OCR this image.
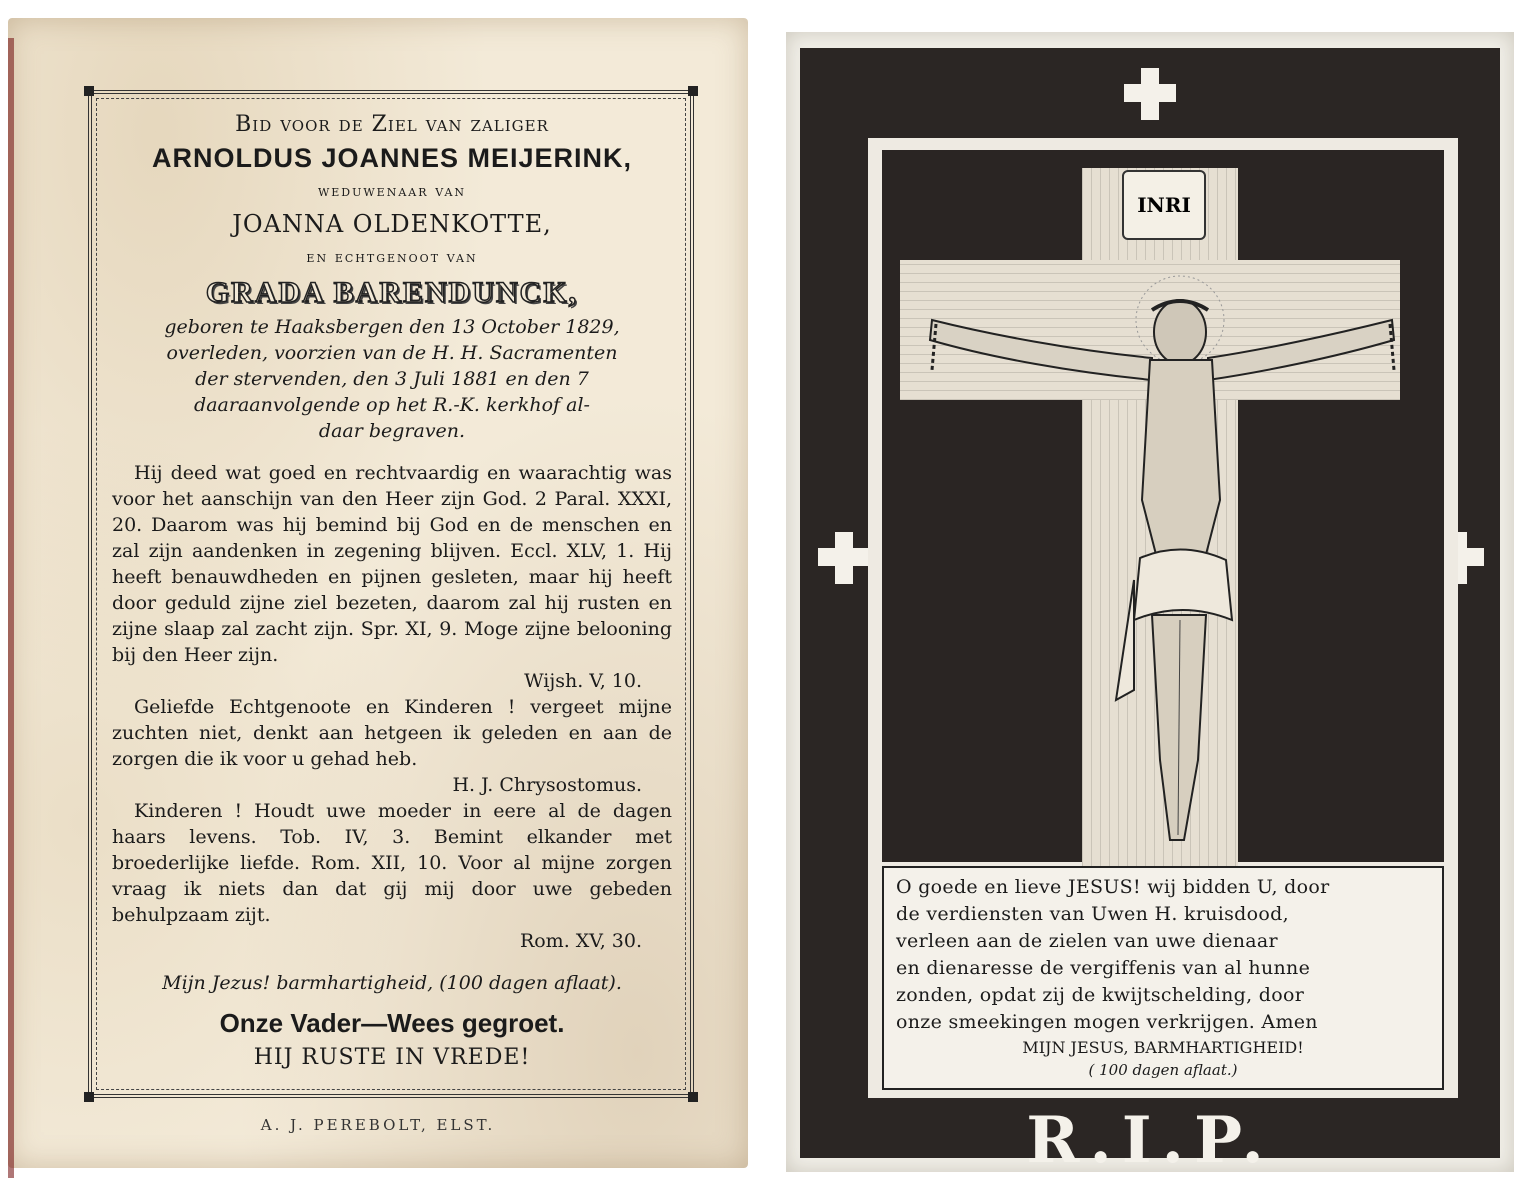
Bid voor de Ziel van zaliger
ARNOLDUS JOANNES MEIJERINK,
weduwenaar van
JOANNA OLDENKOTTE,
en echtgenoot van
GRADA BARENDUNCK,
geboren te Haaksbergen den 13 October 1829,
overleden, voorzien van de H. H. Sacramenten
der stervenden, den 3 Juli 1881 en den 7
daaraanvolgende op het R.-K. kerkhof al-
daar begraven.

Hij deed wat goed en rechtvaardig en waarachtig was voor het aanschijn van den Heer zijn God. 2 Paral. XXXI, 20. Daarom was hij bemind bij God en de menschen en zal zijn aandenken in zegening blijven. Eccl. XLV, 1. Hij heeft benauwdheden en pijnen gesleten, maar hij heeft door geduld zijne ziel bezeten, daarom zal hij rusten en zijne slaap zal zacht zijn. Spr. XI, 9. Moge zijne belooning bij den Heer zijn.

Wijsh. V, 10.

Geliefde Echtgenoote en Kinderen ! vergeet mijne zuchten niet, denkt aan hetgeen ik geleden en aan de zorgen die ik voor u gehad heb.

H. J. Chrysostomus.

Kinderen ! Houdt uwe moeder in eere al de dagen haars levens. Tob. IV, 3. Bemint elkander met broederlijke liefde. Rom. XII, 10. Voor al mijne zorgen vraag ik niets dan dat gij mij door uwe gebeden behulpzaam zijt.

Rom. XV, 30.
Mijn Jezus! barmhartigheid, (100 dagen aflaat).
Onze Vader—Wees gegroet.
HIJ RUSTE IN VREDE!
A. J. PEREBOLT, ELST.
INRI
O goede en lieve JESUS! wij bidden U, door
de verdiensten van Uwen H. kruisdood,
verleen aan de zielen van uwe dienaar
en dienaresse de vergiffenis van al hunne
zonden, opdat zij de kwijtschelding, door
onze smeekingen mogen verkrijgen. Amen
MIJN JESUS, BARMHARTIGHEID!
( 100 dagen aflaat.)
R.I.P.
